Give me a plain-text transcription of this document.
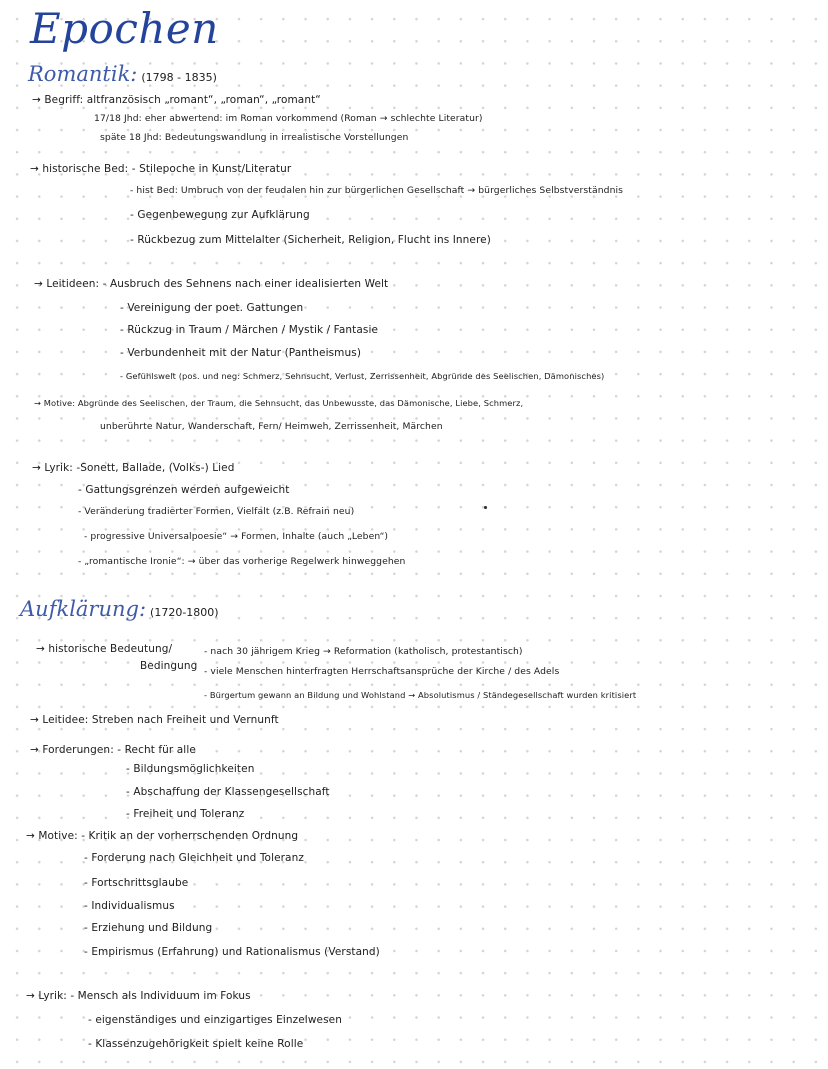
Epochen
Romantik: (1798 - 1835)
→ Begriff: altfranzösisch „romant“, „roman“, „romant“
17/18 Jhd: eher abwertend: im Roman vorkommend (Roman → schlechte Literatur)
späte 18 Jhd: Bedeutungswandlung in irrealistische Vorstellungen
→ historische Bed: - Stilepoche in Kunst/Literatur
- hist Bed: Umbruch von der feudalen hin zur bürgerlichen Gesellschaft → bürgerliches Selbstverständnis
- Gegenbewegung zur Aufklärung
- Rückbezug zum Mittelalter (Sicherheit, Religion, Flucht ins Innere)
→ Leitideen: - Ausbruch des Sehnens nach einer idealisierten Welt
- Vereinigung der poet. Gattungen
- Rückzug in Traum / Märchen / Mystik / Fantasie
- Verbundenheit mit der Natur (Pantheismus)
- Gefühlswelt (pos. und neg: Schmerz, Sehnsucht, Verlust, Zerrissenheit, Abgründe des Seelischen, Dämonisches)
→ Motive: Abgründe des Seelischen, der Traum, die Sehnsucht, das Unbewusste, das Dämonische, Liebe, Schmerz,
unberührte Natur, Wanderschaft, Fern/ Heimweh, Zerrissenheit, Märchen
→ Lyrik: -Sonett, Ballade, (Volks-) Lied
- Gattungsgrenzen werden aufgeweicht
- Veränderung tradierter Formen, Vielfalt (z.B. Refrain neu)
- progressive Universalpoesie“ → Formen, Inhalte (auch „Leben“)
- „romantische Ironie“: → über das vorherige Regelwerk hinweggehen
Aufklärung: (1720-1800)
→ historische Bedeutung/
Bedingung
- nach 30 jährigem Krieg → Reformation (katholisch, protestantisch)
- viele Menschen hinterfragten Herrschaftsansprüche der Kirche / des Adels
- Bürgertum gewann an Bildung und Wohlstand → Absolutismus / Ständegesellschaft wurden kritisiert
→ Leitidee: Streben nach Freiheit und Vernunft
→ Forderungen: - Recht für alle
- Bildungsmöglichkeiten
- Abschaffung der Klassengesellschaft
- Freiheit und Toleranz
→ Motive: - Kritik an der vorherrschenden Ordnung
- Forderung nach Gleichheit und Toleranz
- Fortschrittsglaube
- Individualismus
- Erziehung und Bildung
- Empirismus (Erfahrung) und Rationalismus (Verstand)
→ Lyrik: - Mensch als Individuum im Fokus
- eigenständiges und einzigartiges Einzelwesen
- Klassenzugehörigkeit spielt keine Rolle
